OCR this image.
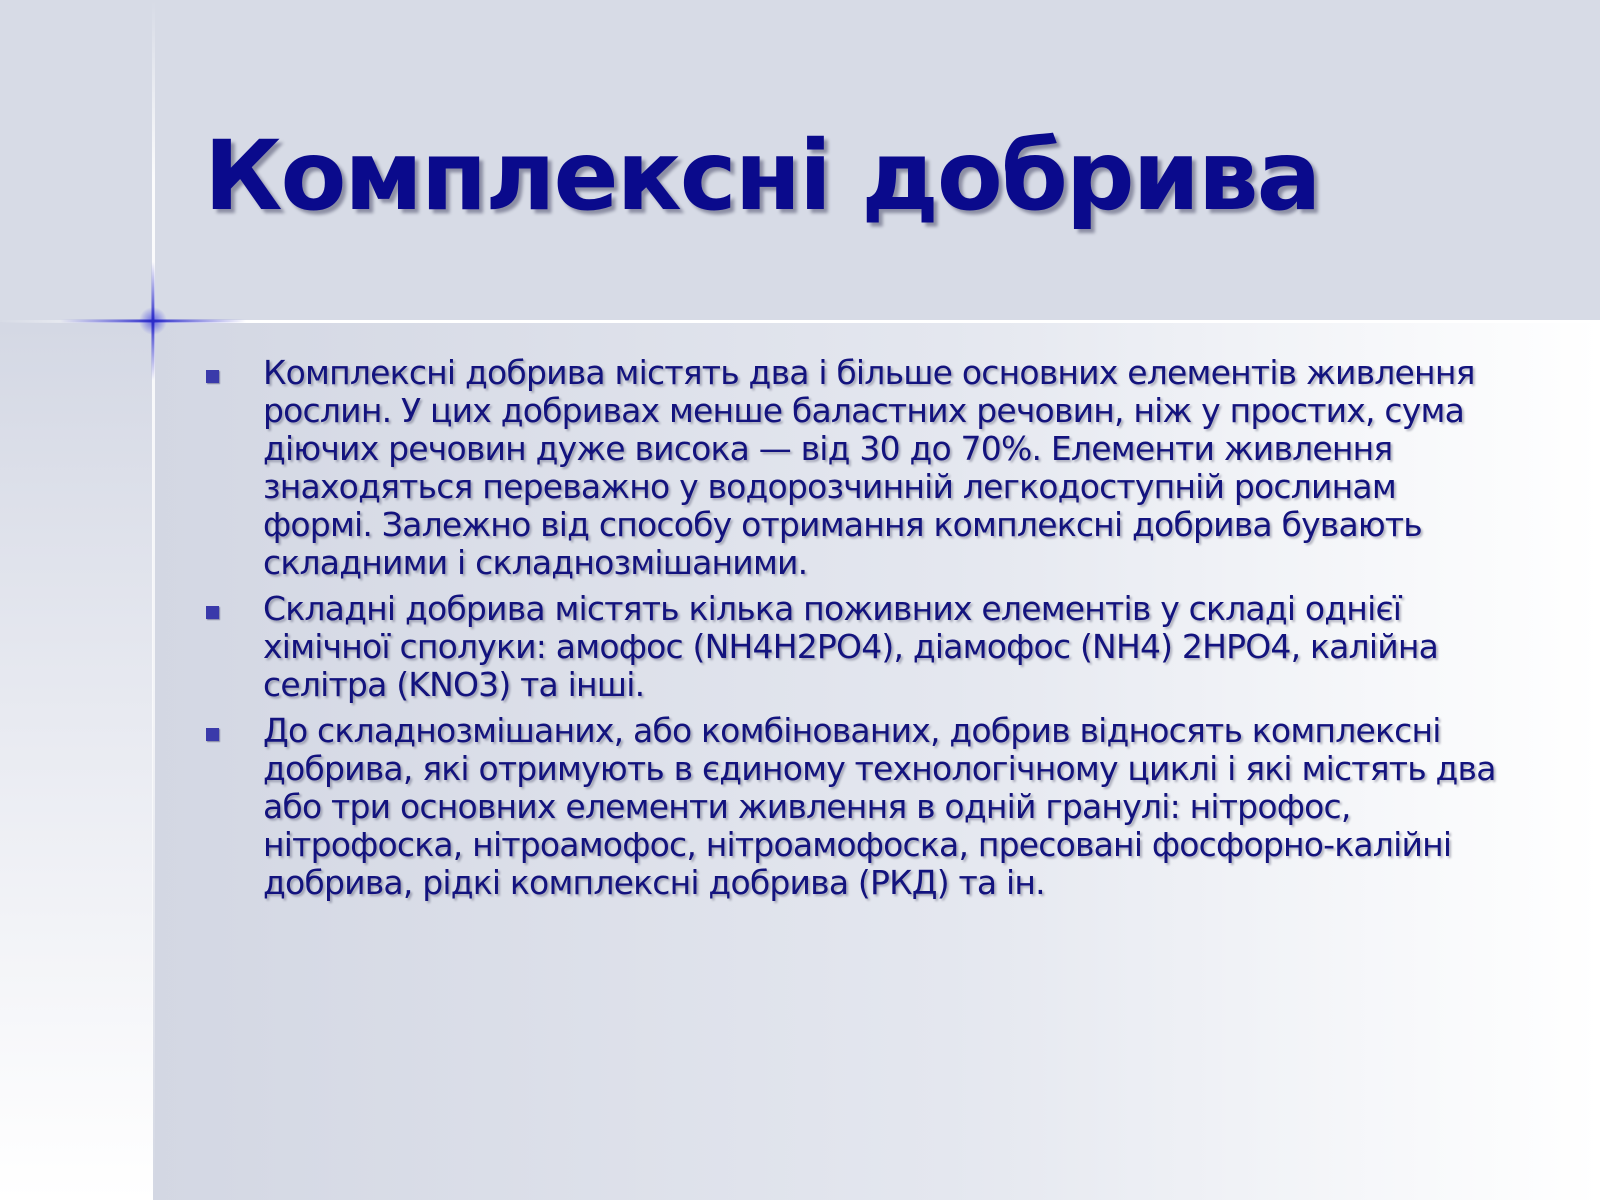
Комплексні добрива
Комплексні добрива містять два і більше основних елементів живлення рослин. У цих добривах менше баластних речовин, ніж у простих, сума діючих речовин дуже висока — від 30 до 70%. Елементи живлення знаходяться переважно у водорозчинній легкодоступній рослинам формі. Залежно від способу отримання комплексні добрива бувають складними і складнозмішаними.
Складні добрива містять кілька поживних елементів у складі однієї хімічної сполуки: амофос (NH4H2PO4), діамофос (NH4) 2HPO4, калійна селітра (KNO3) та інші.
До складнозмішаних, або комбінованих, добрив відносять комплексні добрива, які отримують в єдиному технологічному циклі і які містять два або три основних елементи живлення в одній гранулі: нітрофос, нітрофоска, нітроамофос, нітроамофоска, пресовані фосфорно-калійні добрива, рідкі комплексні добрива (РКД) та ін.
